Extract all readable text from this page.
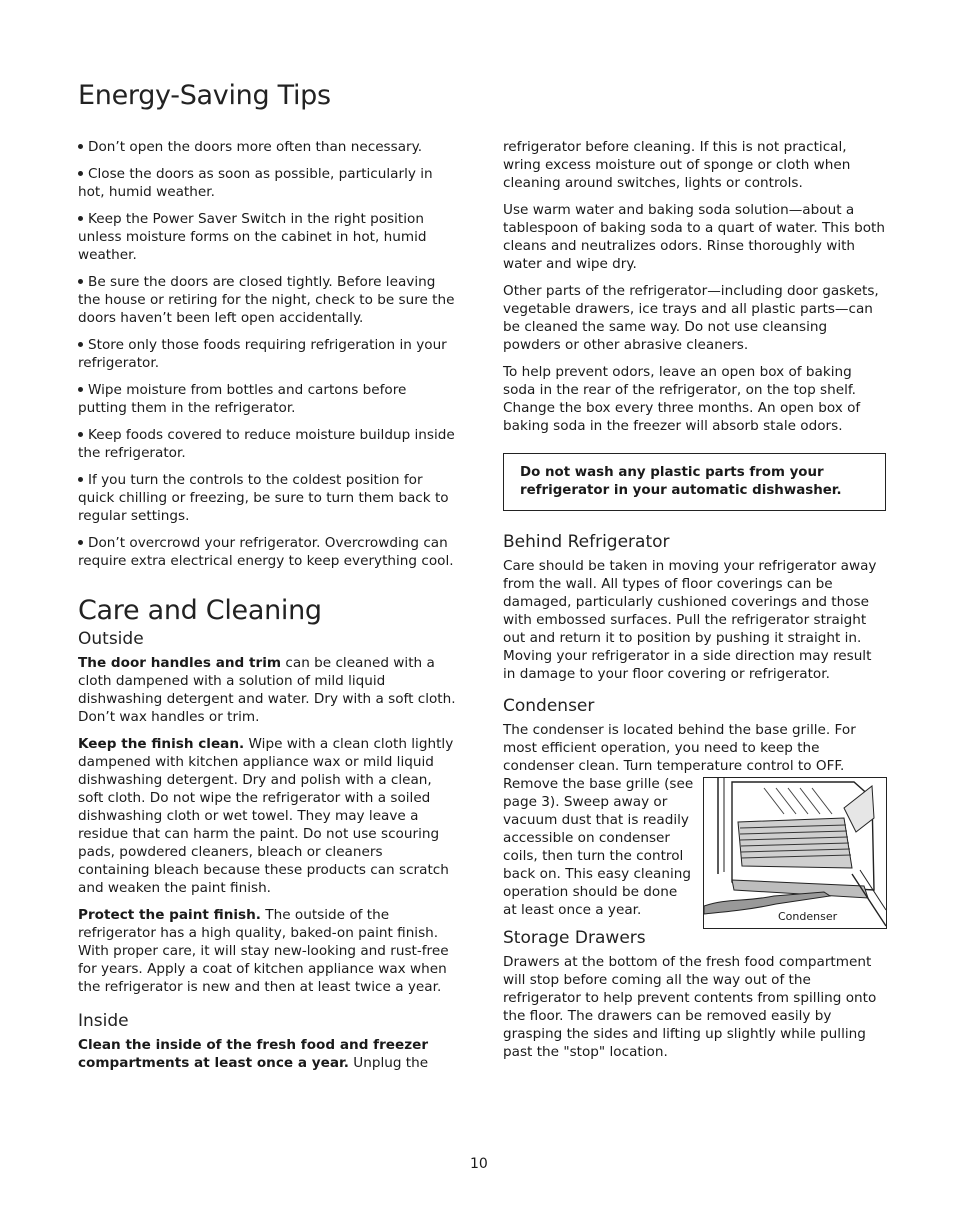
Energy-Saving Tips

Don’t open the doors more often than necessary.

Close the doors as soon as possible, particularly in hot, humid weather.

Keep the Power Saver Switch in the right position unless moisture forms on the cabinet in hot, humid weather.

Be sure the doors are closed tightly. Before leaving the house or retiring for the night, check to be sure the doors haven’t been left open accidentally.

Store only those foods requiring refrigeration in your refrigerator.

Wipe moisture from bottles and cartons before putting them in the refrigerator.

Keep foods covered to reduce moisture buildup inside the refrigerator.

If you turn the controls to the coldest position for quick chilling or freezing, be sure to turn them back to regular settings.

Don’t overcrowd your refrigerator. Overcrowding can require extra electrical energy to keep everything cool.

Care and Cleaning
Outside

The door handles and trim can be cleaned with a cloth dampened with a solution of mild liquid dishwashing detergent and water. Dry with a soft cloth. Don’t wax handles or trim.

Keep the finish clean. Wipe with a clean cloth lightly dampened with kitchen appliance wax or mild liquid dishwashing detergent. Dry and polish with a clean, soft cloth. Do not wipe the refrigerator with a soiled dishwashing cloth or wet towel. They may leave a residue that can harm the paint. Do not use scouring pads, powdered cleaners, bleach or cleaners containing bleach because these products can scratch and weaken the paint finish.

Protect the paint finish. The outside of the refrigerator has a high quality, baked-on paint finish. With proper care, it will stay new-looking and rust-free for years. Apply a coat of kitchen appliance wax when the refrigerator is new and then at least twice a year.

Inside

Clean the inside of the fresh food and freezer compartments at least once a year. Unplug the

refrigerator before cleaning. If this is not practical, wring excess moisture out of sponge or cloth when cleaning around switches, lights or controls.

Use warm water and baking soda solution—about a tablespoon of baking soda to a quart of water. This both cleans and neutralizes odors. Rinse thoroughly with water and wipe dry.

Other parts of the refrigerator—including door gaskets, vegetable drawers, ice trays and all plastic parts—can be cleaned the same way. Do not use cleansing powders or other abrasive cleaners.

To help prevent odors, leave an open box of baking soda in the rear of the refrigerator, on the top shelf. Change the box every three months. An open box of baking soda in the freezer will absorb stale odors.

Do not wash any plastic parts from your refrigerator in your automatic dishwasher.
Behind Refrigerator

Care should be taken in moving your refrigerator away from the wall. All types of floor coverings can be damaged, particularly cushioned coverings and those with embossed surfaces. Pull the refrigerator straight out and return it to position by pushing it straight in. Moving your refrigerator in a side direction may result in damage to your floor covering or refrigerator.

Condenser

The condenser is located behind the base grille. For most efficient operation, you need to keep the condenser clean. Turn temperature control to OFF.

Remove the base grille (see page 3). Sweep away or vacuum dust that is readily accessible on condenser coils, then turn the control back on. This easy cleaning operation should be done at least once a year.	Condenser
Storage Drawers

Drawers at the bottom of the fresh food compartment will stop before coming all the way out of the refrigerator to help prevent contents from spilling onto the floor. The drawers can be removed easily by grasping the sides and lifting up slightly while pulling past the "stop" location.

10
